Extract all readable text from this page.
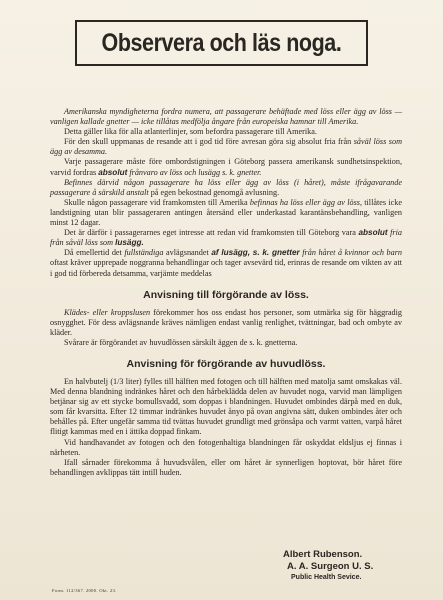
Observera och läs noga.

Amerikanska myndigheterna fordra numera, att passagerare behäftade med löss eller ägg av löss — vanligen kallade gnetter — icke tillåtas medfölja ångare från europeiska hamnar till Amerika.

Detta gäller lika för alla atlanterlinjer, som befordra passagerare till Amerika.

För den skull uppmanas de resande att i god tid före avresan göra sig absolut fria från såväl löss som ägg av desamma.

Varje passagerare måste före ombordstigningen i Göteborg passera amerikansk sundhetsinspektion, varvid fordras absolut frånvaro av löss och lusägg s. k. gnetter.

Befinnes därvid någon passagerare ha löss eller ägg av löss (i håret), måste ifrågavarande passagerare å särskild anstalt på egen bekostnad genomgå avlusning.

Skulle någon passagerare vid framkomsten till Amerika befinnas ha löss eller ägg av löss, tillåtes icke landstigning utan blir passageraren antingen återsänd eller underkastad karantänsbehandling, vanligen minst 12 dagar.

Det är därför i passagerarnes eget intresse att redan vid framkomsten till Göteborg vara absolut fria från såväl löss som lusägg.

Då emellertid det fullständiga avlägsnandet af lusägg, s. k. gnetter från håret å kvinnor och barn oftast kräver upprepade noggranna behandlingar och tager avsevärd tid, erinras de resande om vikten av att i god tid förbereda detsamma, varjämte meddelas

Anvisning till förgörande av löss.

Klädes- eller kroppslusen förekommer hos oss endast hos personer, som utmärka sig för häggradig osnygghet. För dess avlägsnande kräves nämligen endast vanlig renlighet, tvättningar, bad och ombyte av kläder.

Svårare är förgörandet av huvudlössen särskilt äggen de s. k. gnetterna.

Anvisning för förgörande av huvudlöss.

En halvbutelj (1/3 liter) fylles till hälften med fotogen och till hälften med matolja samt omskakas väl. Med denna blandning indränkes håret och den hårbeklädda delen av huvudet noga, varvid man lämpligen betjänar sig av ett stycke bomullsvadd, som doppas i blandningen. Huvudet ombindes därpå med en duk, som får kvarsitta. Efter 12 timmar indränkes huvudet ånyo på ovan angivna sätt, duken ombindes åter och behålles på. Efter ungefär samma tid tvättas huvudet grundligt med grönsåpa och varmt vatten, varpå håret flitigt kammas med en i ättika doppad finkam.

Vid handhavandet av fotogen och den fotogenhaltiga blandningen får oskyddat eldsljus ej finnas i närheten.

Ifall sårnader förekomma å huvudsvålen, eller om håret är synnerligen hoptovat, bör håret före behandlingen avklippas tätt intill huden.

Albert Rubenson.
A. A. Surgeon U. S.
Public Health Sevice.
Form. 112/367. 2000. Okt. 23.
